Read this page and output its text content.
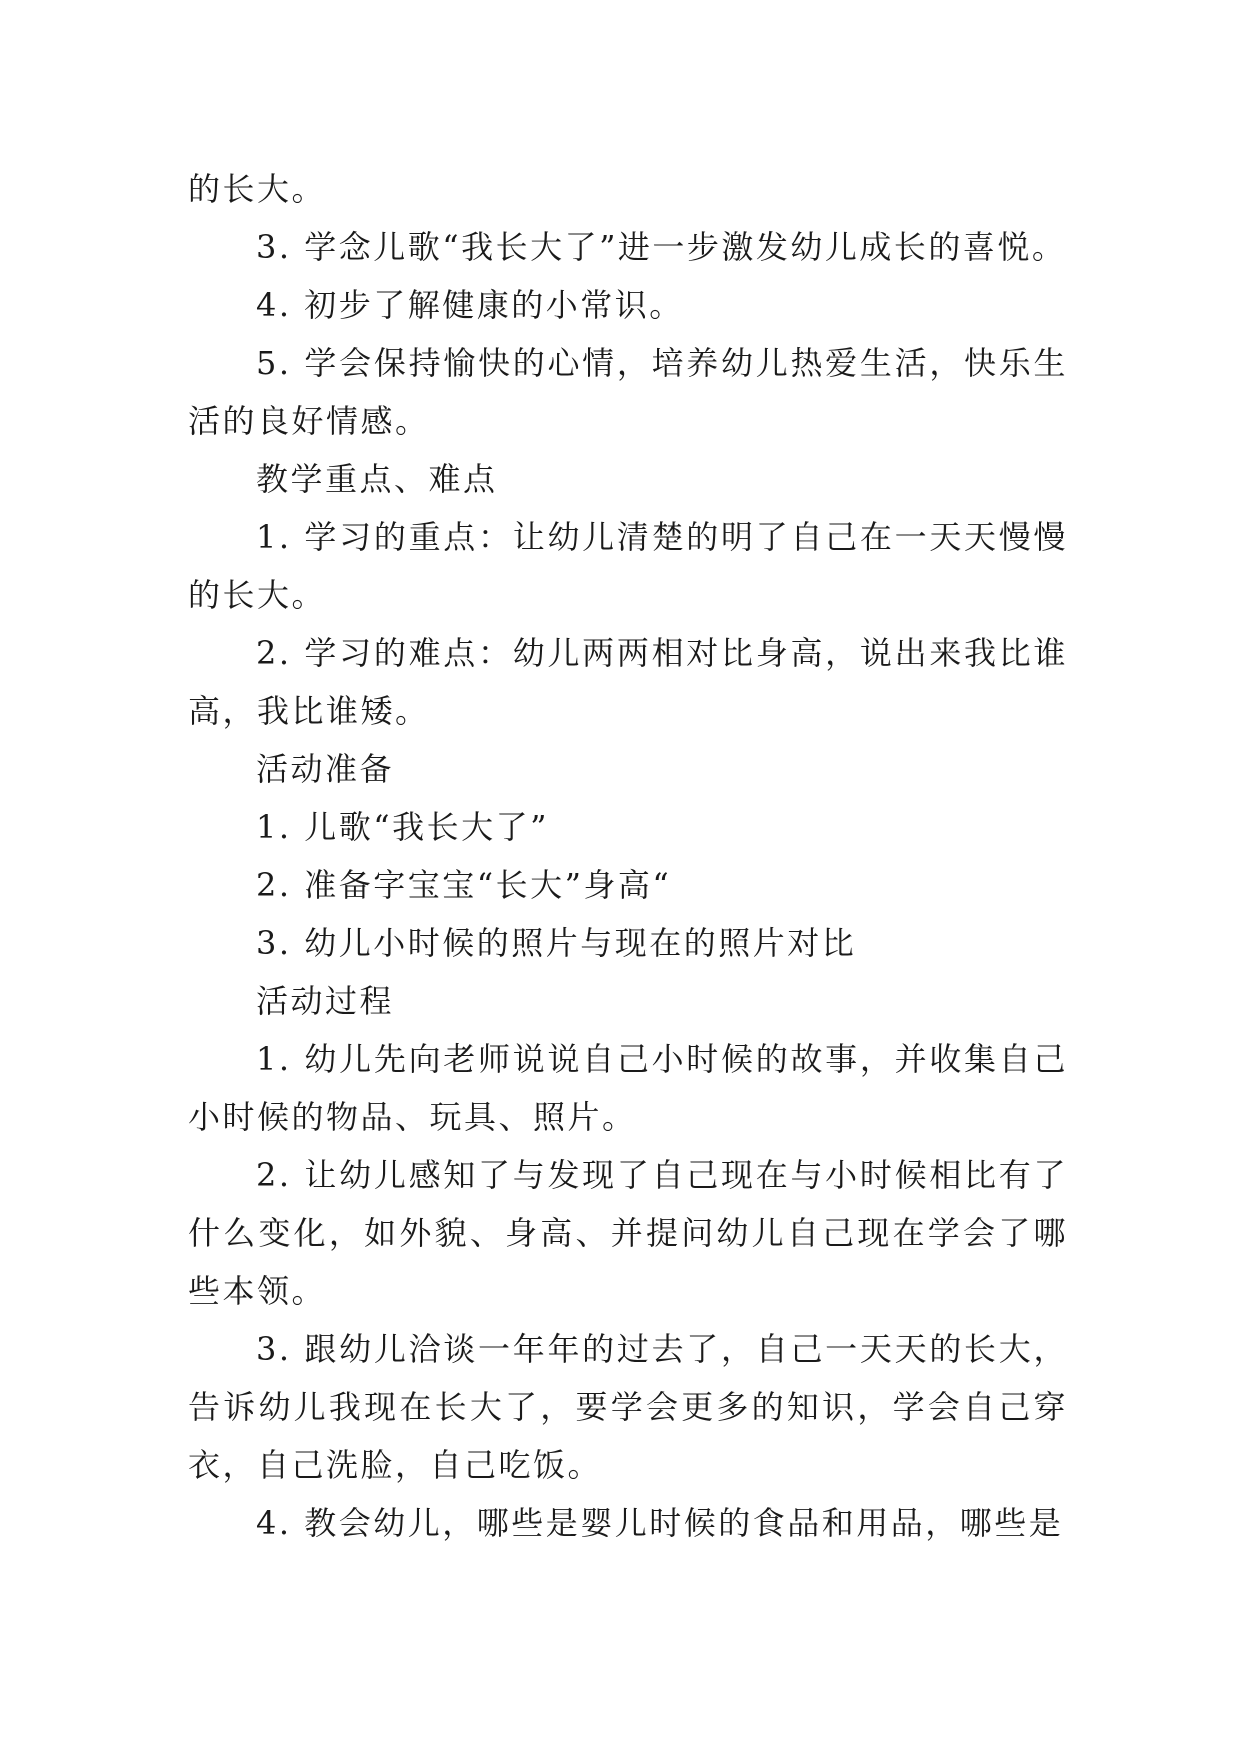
的长大。

3. 学念儿歌“我长大了”进一步激发幼儿成长的喜悦。

4. 初步了解健康的小常识。

5. 学会保持愉快的心情，培养幼儿热爱生活，快乐生活的良好情感。

教学重点、难点

1. 学习的重点：让幼儿清楚的明了自己在一天天慢慢的长大。

2. 学习的难点：幼儿两两相对比身高，说出来我比谁高，我比谁矮。

活动准备

1. 儿歌“我长大了”

2. 准备字宝宝“长大”身高“

3. 幼儿小时候的照片与现在的照片对比

活动过程

1. 幼儿先向老师说说自己小时候的故事，并收集自己小时候的物品、玩具、照片。

2. 让幼儿感知了与发现了自己现在与小时候相比有了什么变化，如外貌、身高、并提问幼儿自己现在学会了哪些本领。

3. 跟幼儿洽谈一年年的过去了，自己一天天的长大，告诉幼儿我现在长大了，要学会更多的知识，学会自己穿衣，自己洗脸，自己吃饭。

4. 教会幼儿，哪些是婴儿时候的食品和用品，哪些是
